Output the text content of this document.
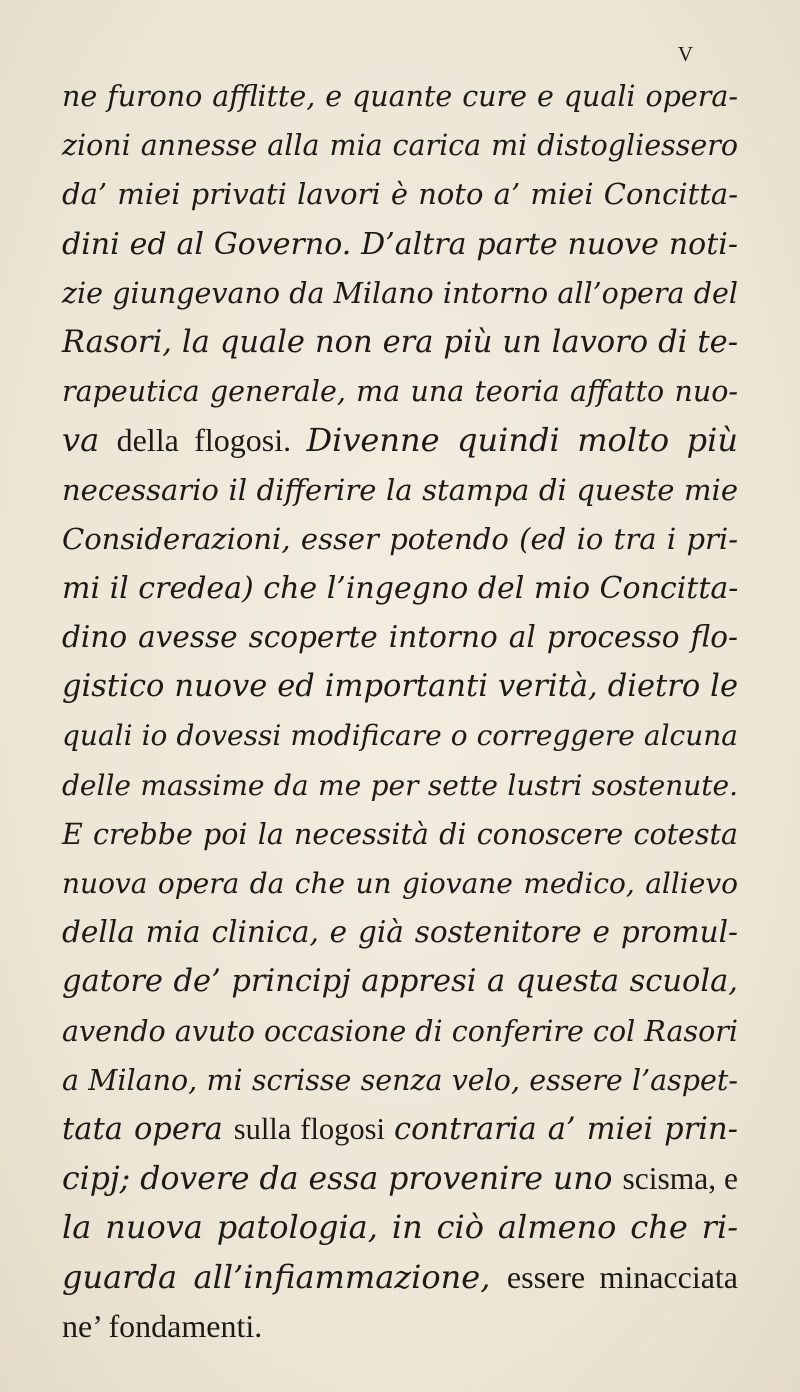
V
ne furono afflitte, e quante cure e quali opera-
zioni annesse alla mia carica mi distogliessero
da’ miei privati lavori è noto a’ miei Concitta-
dini ed al Governo. D’altra parte nuove noti-
zie giungevano da Milano intorno all’opera del
Rasori, la quale non era più un lavoro di te-
rapeutica generale, ma una teoria affatto nuo-
va della flogosi. Divenne quindi molto più
necessario il differire la stampa di queste mie
Considerazioni, esser potendo (ed io tra i pri-
mi il credea) che l’ingegno del mio Concitta-
dino avesse scoperte intorno al processo flo-
gistico nuove ed importanti verità, dietro le
quali io dovessi modificare o correggere alcuna
delle massime da me per sette lustri sostenute.
E crebbe poi la necessità di conoscere cotesta
nuova opera da che un giovane medico, allievo
della mia clinica, e già sostenitore e promul-
gatore de’ principj appresi a questa scuola,
avendo avuto occasione di conferire col Rasori
a Milano, mi scrisse senza velo, essere l’aspet-
tata opera sulla flogosi contraria a’ miei prin-
cipj; dovere da essa provenire uno scisma, e
la nuova patologia, in ciò almeno che ri-
guarda all’infiammazione, essere minacciata
ne’ fondamenti.
